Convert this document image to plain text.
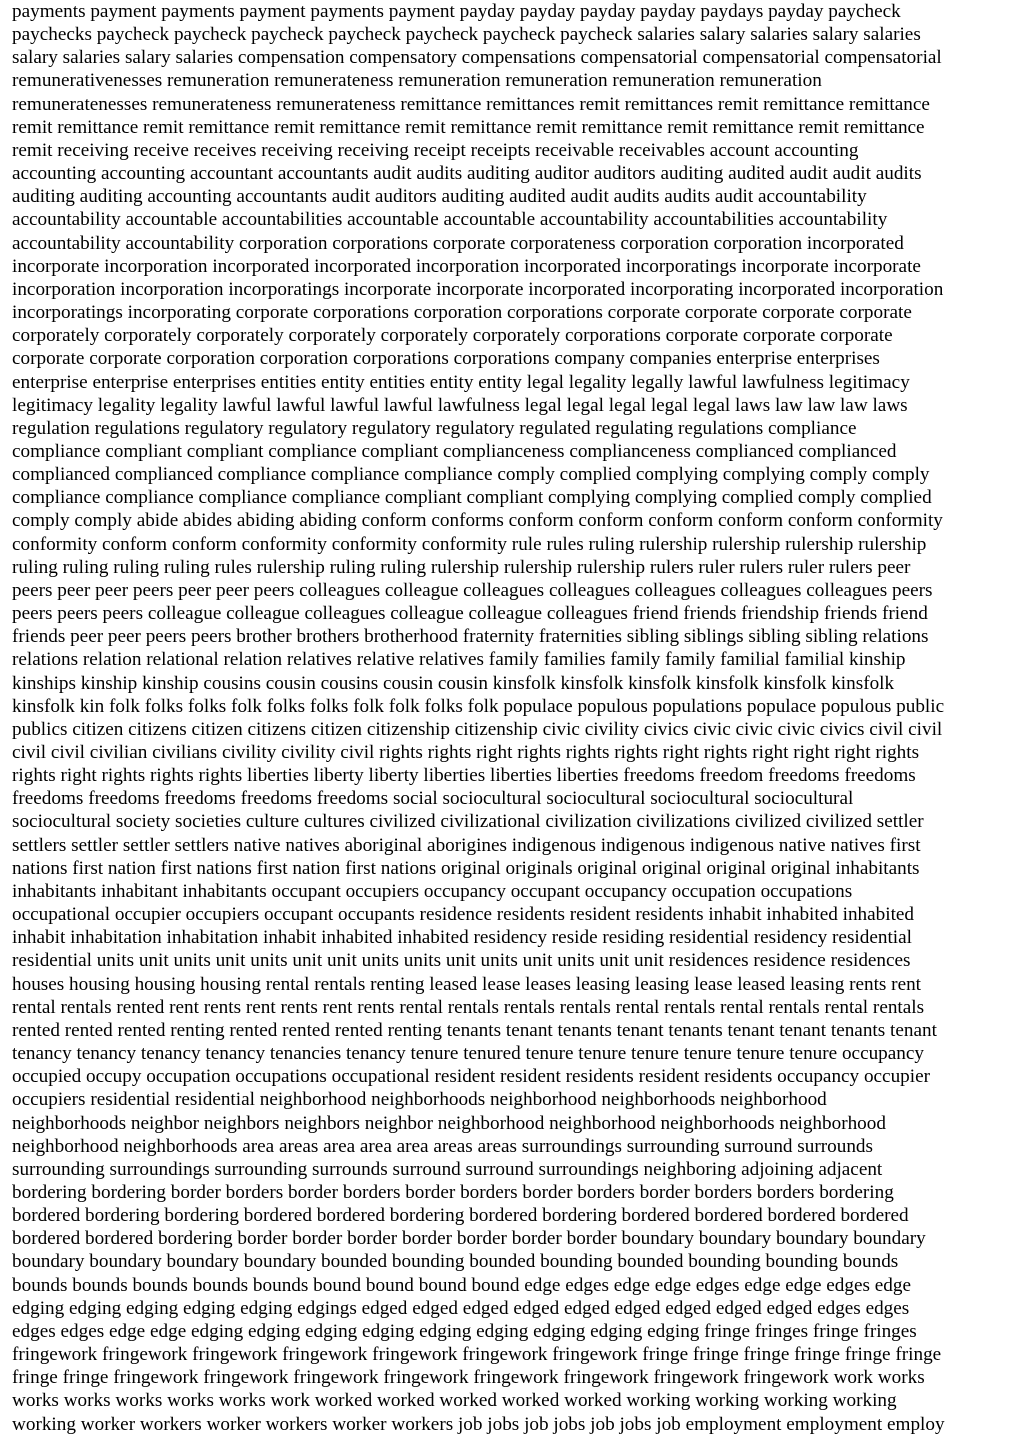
payments payment payments payment payments payment payday payday payday payday paydays payday paycheck
paychecks paycheck paycheck paycheck paycheck paycheck paycheck paycheck salaries salary salaries salary salaries
salary salaries salary salaries compensation compensatory compensations compensatorial compensatorial compensatorial
remunerativenesses remuneration remunerateness remuneration remuneration remuneration remuneration
remuneratenesses remunerateness remunerateness remittance remittances remit remittances remit remittance remittance
remit remittance remit remittance remit remittance remit remittance remit remittance remit remittance remit remittance
remit receiving receive receives receiving receiving receipt receipts receivable receivables account accounting
accounting accounting accountant accountants audit audits auditing auditor auditors auditing audited audit audit audits
auditing auditing accounting accountants audit auditors auditing audited audit audits audits audit accountability
accountability accountable accountabilities accountable accountable accountability accountabilities accountability
accountability accountability corporation corporations corporate corporateness corporation corporation incorporated
incorporate incorporation incorporated incorporated incorporation incorporated incorporatings incorporate incorporate
incorporation incorporation incorporatings incorporate incorporate incorporated incorporating incorporated incorporation
incorporatings incorporating corporate corporations corporation corporations corporate corporate corporate corporate
corporately corporately corporately corporately corporately corporately corporations corporate corporate corporate
corporate corporate corporation corporation corporations corporations company companies enterprise enterprises
enterprise enterprise enterprises entities entity entities entity entity legal legality legally lawful lawfulness legitimacy
legitimacy legality legality lawful lawful lawful lawful lawfulness legal legal legal legal legal laws law law law laws
regulation regulations regulatory regulatory regulatory regulatory regulated regulating regulations compliance
compliance compliant compliant compliance compliant complianceness complianceness complianced complianced
complianced complianced compliance compliance compliance comply complied complying complying comply comply
compliance compliance compliance compliance compliant compliant complying complying complied comply complied
comply comply abide abides abiding abiding conform conforms conform conform conform conform conform conformity
conformity conform conform conformity conformity conformity rule rules ruling rulership rulership rulership rulership
ruling ruling ruling ruling rules rulership ruling ruling rulership rulership rulership rulers ruler rulers ruler rulers peer
peers peer peer peers peer peer peers colleagues colleague colleagues colleagues colleagues colleagues colleagues peers
peers peers peers colleague colleague colleagues colleague colleague colleagues friend friends friendship friends friend
friends peer peer peers peers brother brothers brotherhood fraternity fraternities sibling siblings sibling sibling relations
relations relation relational relation relatives relative relatives family families family family familial familial kinship
kinships kinship kinship cousins cousin cousins cousin cousin kinsfolk kinsfolk kinsfolk kinsfolk kinsfolk kinsfolk
kinsfolk kin folk folks folks folk folks folks folk folk folks folk populace populous populations populace populous public
publics citizen citizens citizen citizens citizen citizenship citizenship civic civility civics civic civic civic civics civil civil
civil civil civilian civilians civility civility civil rights rights right rights rights rights right rights right right right rights
rights right rights rights rights liberties liberty liberty liberties liberties liberties freedoms freedom freedoms freedoms
freedoms freedoms freedoms freedoms freedoms social sociocultural sociocultural sociocultural sociocultural
sociocultural society societies culture cultures civilized civilizational civilization civilizations civilized civilized settler
settlers settler settler settlers native natives aboriginal aborigines indigenous indigenous indigenous native natives first
nations first nation first nations first nation first nations original originals original original original original inhabitants
inhabitants inhabitant inhabitants occupant occupiers occupancy occupant occupancy occupation occupations
occupational occupier occupiers occupant occupants residence residents resident residents inhabit inhabited inhabited
inhabit inhabitation inhabitation inhabit inhabited inhabited residency reside residing residential residency residential
residential units unit units unit units unit unit units units unit units unit units unit unit residences residence residences
houses housing housing housing rental rentals renting leased lease leases leasing leasing lease leased leasing rents rent
rental rentals rented rent rents rent rents rent rents rental rentals rentals rentals rental rentals rental rentals rental rentals
rented rented rented renting rented rented rented renting tenants tenant tenants tenant tenants tenant tenant tenants tenant
tenancy tenancy tenancy tenancy tenancies tenancy tenure tenured tenure tenure tenure tenure tenure tenure occupancy
occupied occupy occupation occupations occupational resident resident residents resident residents occupancy occupier
occupiers residential residential neighborhood neighborhoods neighborhood neighborhoods neighborhood
neighborhoods neighbor neighbors neighbors neighbor neighborhood neighborhood neighborhoods neighborhood
neighborhood neighborhoods area areas area area area areas areas surroundings surrounding surround surrounds
surrounding surroundings surrounding surrounds surround surround surroundings neighboring adjoining adjacent
bordering bordering border borders border borders border borders border borders border borders borders bordering
bordered bordering bordering bordered bordered bordering bordered bordering bordered bordered bordered bordered
bordered bordered bordering border border border border border border border boundary boundary boundary boundary
boundary boundary boundary boundary bounded bounding bounded bounding bounded bounding bounding bounds
bounds bounds bounds bounds bounds bound bound bound bound edge edges edge edge edges edge edge edges edge
edging edging edging edging edging edgings edged edged edged edged edged edged edged edged edged edges edges
edges edges edge edge edging edging edging edging edging edging edging edging edging fringe fringes fringe fringes
fringework fringework fringework fringework fringework fringework fringework fringe fringe fringe fringe fringe fringe
fringe fringe fringework fringework fringework fringework fringework fringework fringework fringework work works
works works works works works work worked worked worked worked worked working working working working
working worker workers worker workers worker workers job jobs job jobs job jobs job employment employment employ
